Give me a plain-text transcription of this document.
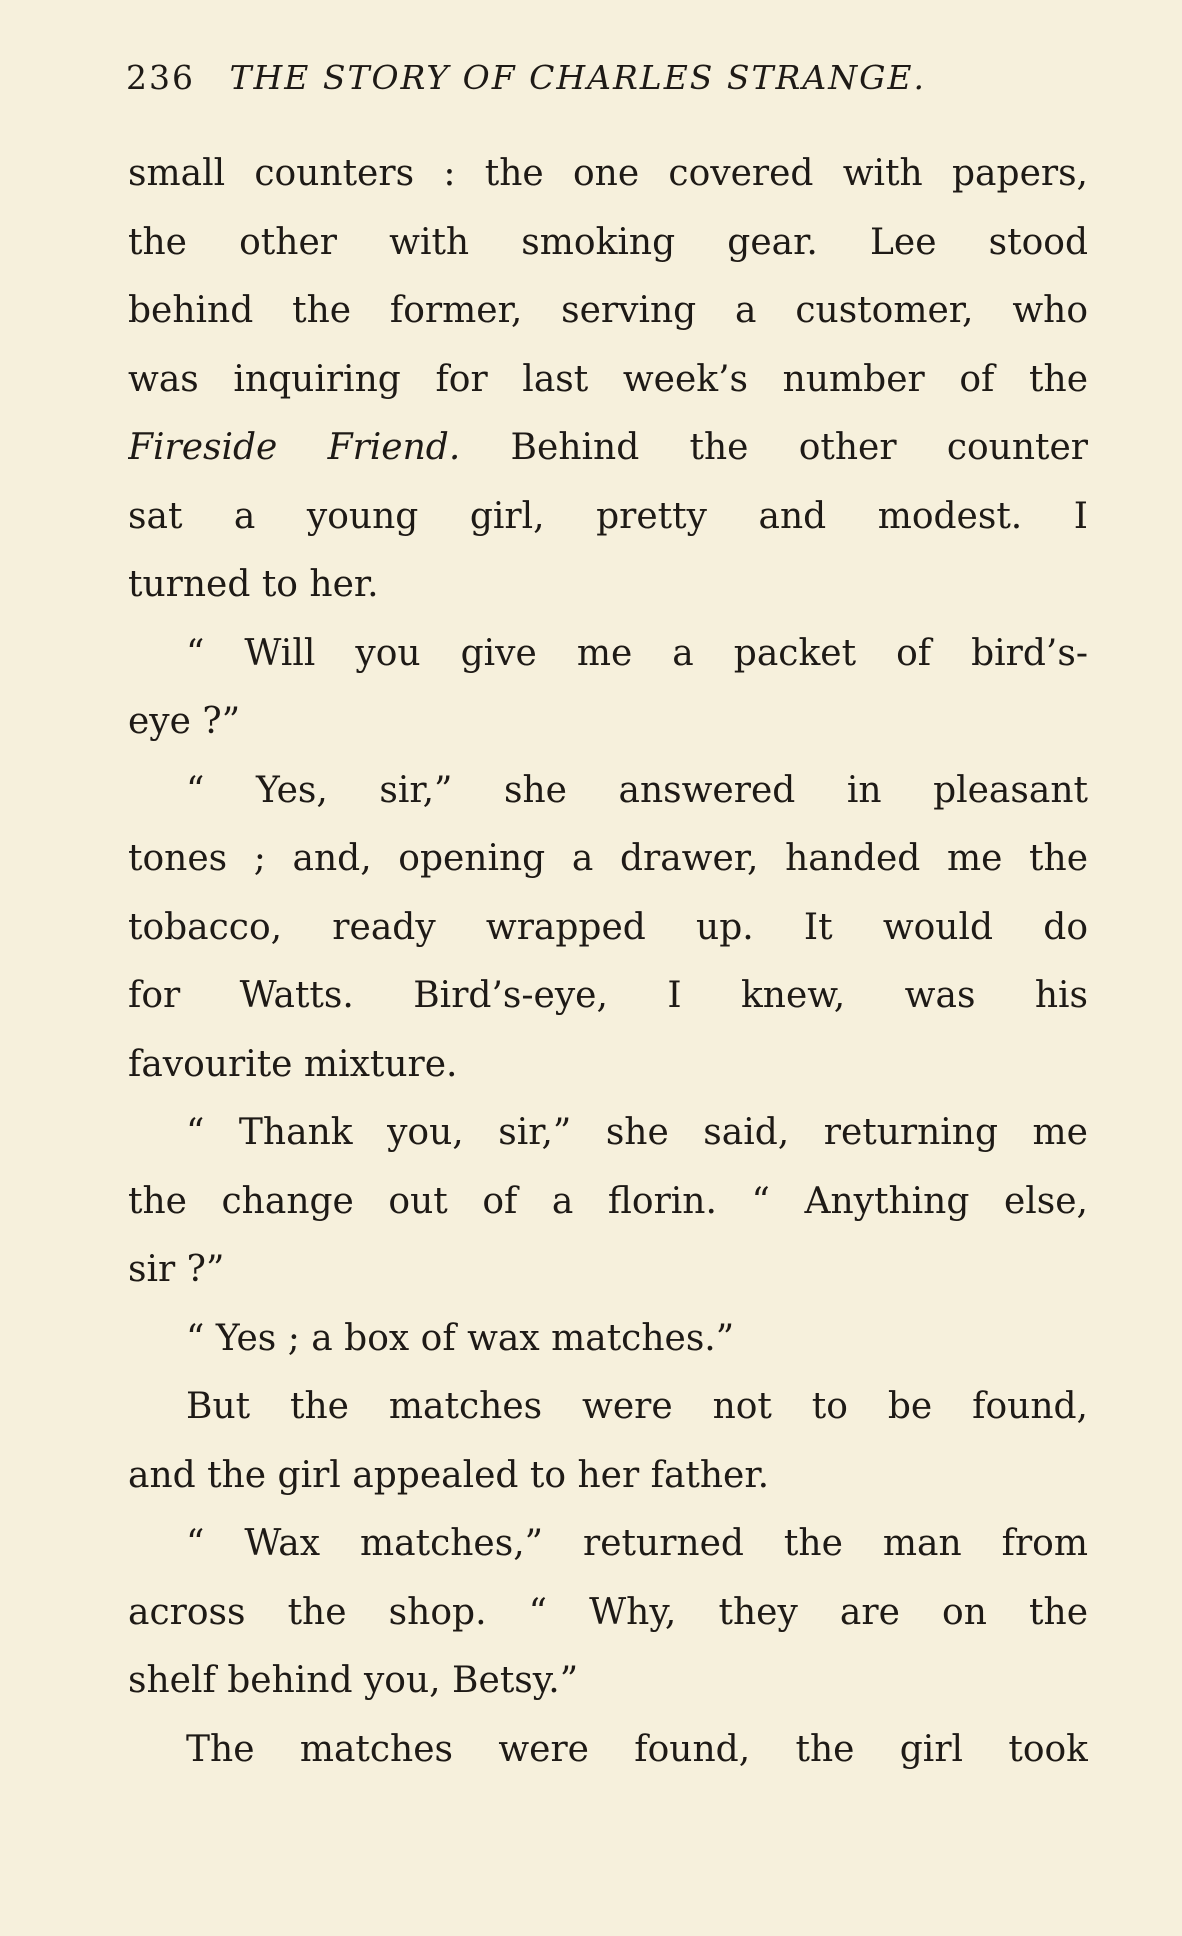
236 THE STORY OF CHARLES STRANGE.
small counters : the one covered with papers,
the other with smoking gear. Lee stood
behind the former, serving a customer, who
was inquiring for last week’s number of the
Fireside Friend. Behind the other counter
sat a young girl, pretty and modest. I
turned to her.
“ Will you give me a packet of bird’s-
eye ?”
“ Yes, sir,” she answered in pleasant
tones ; and, opening a drawer, handed me the
tobacco, ready wrapped up. It would do
for Watts. Bird’s-eye, I knew, was his
favourite mixture.
“ Thank you, sir,” she said, returning me
the change out of a florin. “ Anything else,
sir ?”
“ Yes ; a box of wax matches.”
But the matches were not to be found,
and the girl appealed to her father.
“ Wax matches,” returned the man from
across the shop. “ Why, they are on the
shelf behind you, Betsy.”
The matches were found, the girl took
